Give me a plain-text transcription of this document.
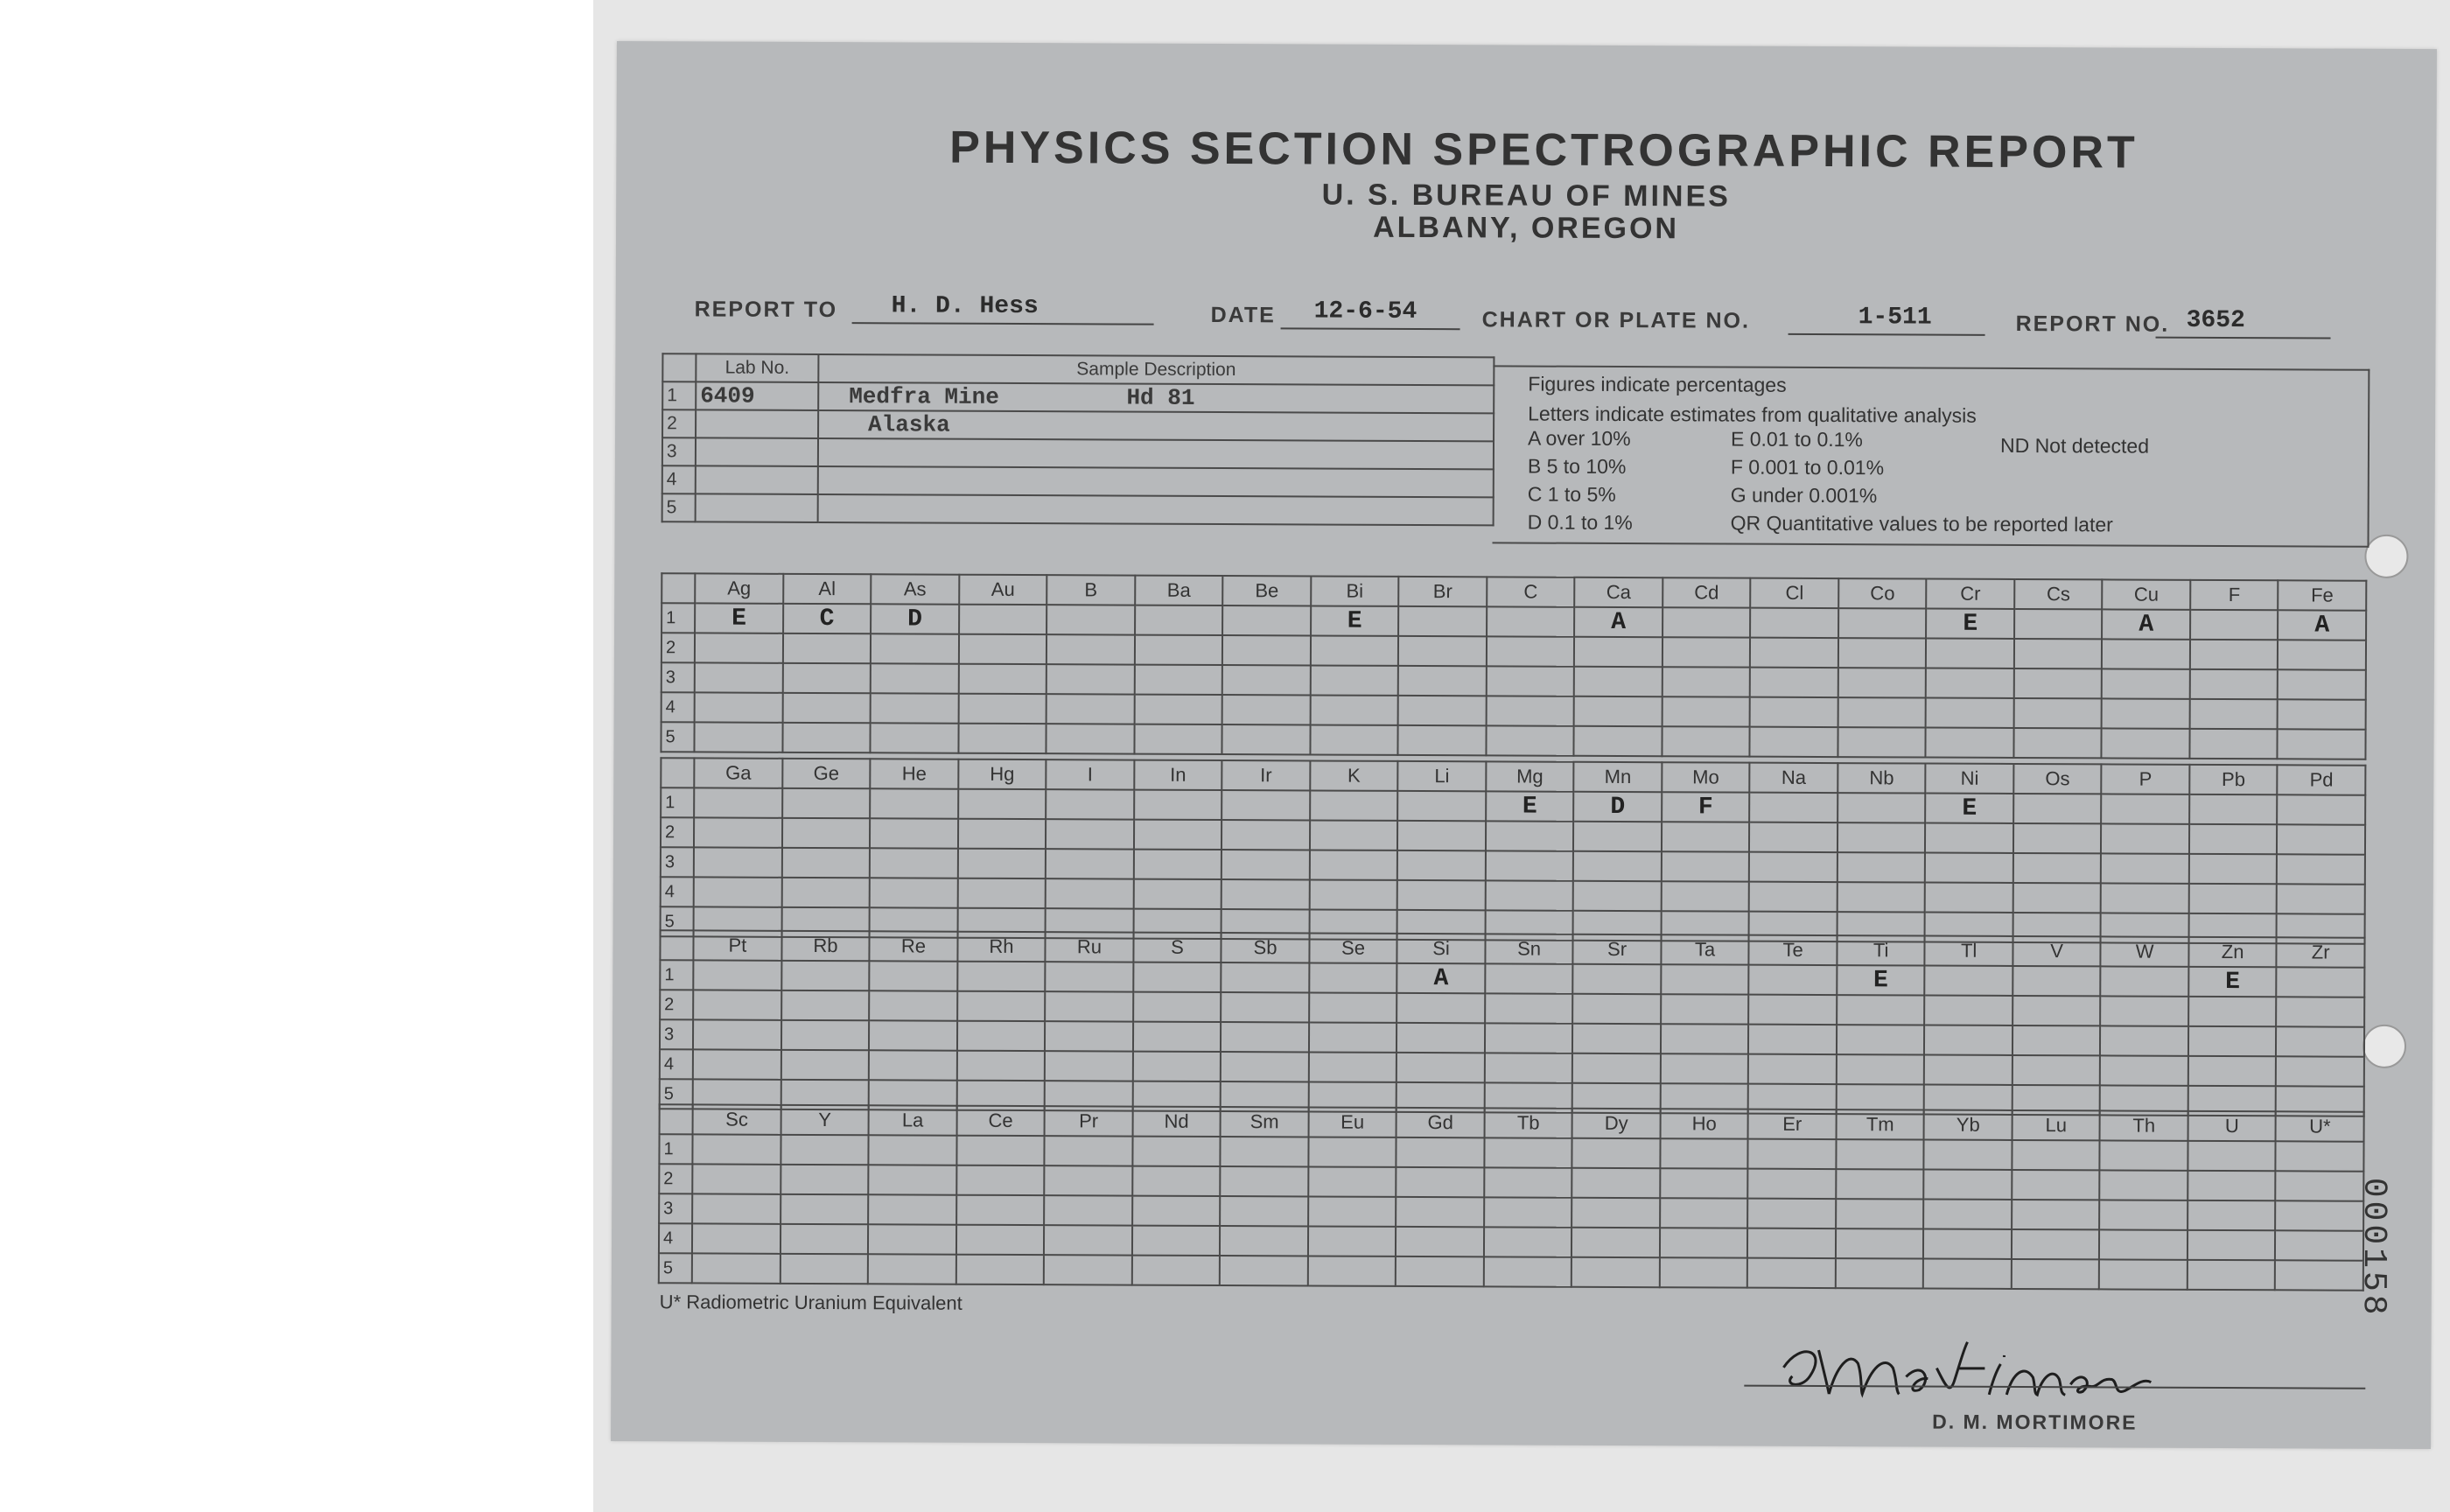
PHYSICS SECTION SPECTROGRAPHIC REPORT
U. S. BUREAU OF MINES
ALBANY, OREGON
REPORT TO H. D. Hess	DATE 12-6-54	CHART OR PLATE NO.	1-511	REPORT NO. 3652
	Lab No.	Sample Description
1	6409	Medfra Mine Hd 81
2		Alaska
3		
4		
5		
Figures indicate percentages
Letters indicate estimates from qualitative analysis
A over 10%
B 5 to 10%
C 1 to 5%
D 0.1 to 1%
E 0.01 to 0.1%
F 0.001 to 0.01%
G under 0.001%
QR Quantitative values to be reported later
ND Not detected
	Ag	Al	As	Au	B	Ba	Be	Bi	Br	C	Ca	Cd	Cl	Co	Cr	Cs	Cu	F	Fe
1	E	C	D					E			A				E		A		A
2																			
3																			
4																			
5																			
	Ga	Ge	He	Hg	I	In	Ir	K	Li	Mg	Mn	Mo	Na	Nb	Ni	Os	P	Pb	Pd
1										E	D	F			E				
2																			
3																			
4																			
5																			
	Pt	Rb	Re	Rh	Ru	S	Sb	Se	Si	Sn	Sr	Ta	Te	Ti	Tl	V	W	Zn	Zr
1									A					E				E	
2																			
3																			
4																			
5																			
	Sc	Y	La	Ce	Pr	Nd	Sm	Eu	Gd	Tb	Dy	Ho	Er	Tm	Yb	Lu	Th	U	U*
1																			
2																			
3																			
4																			
5																			
U* Radiometric Uranium Equivalent
D. M. MORTIMORE
000158
